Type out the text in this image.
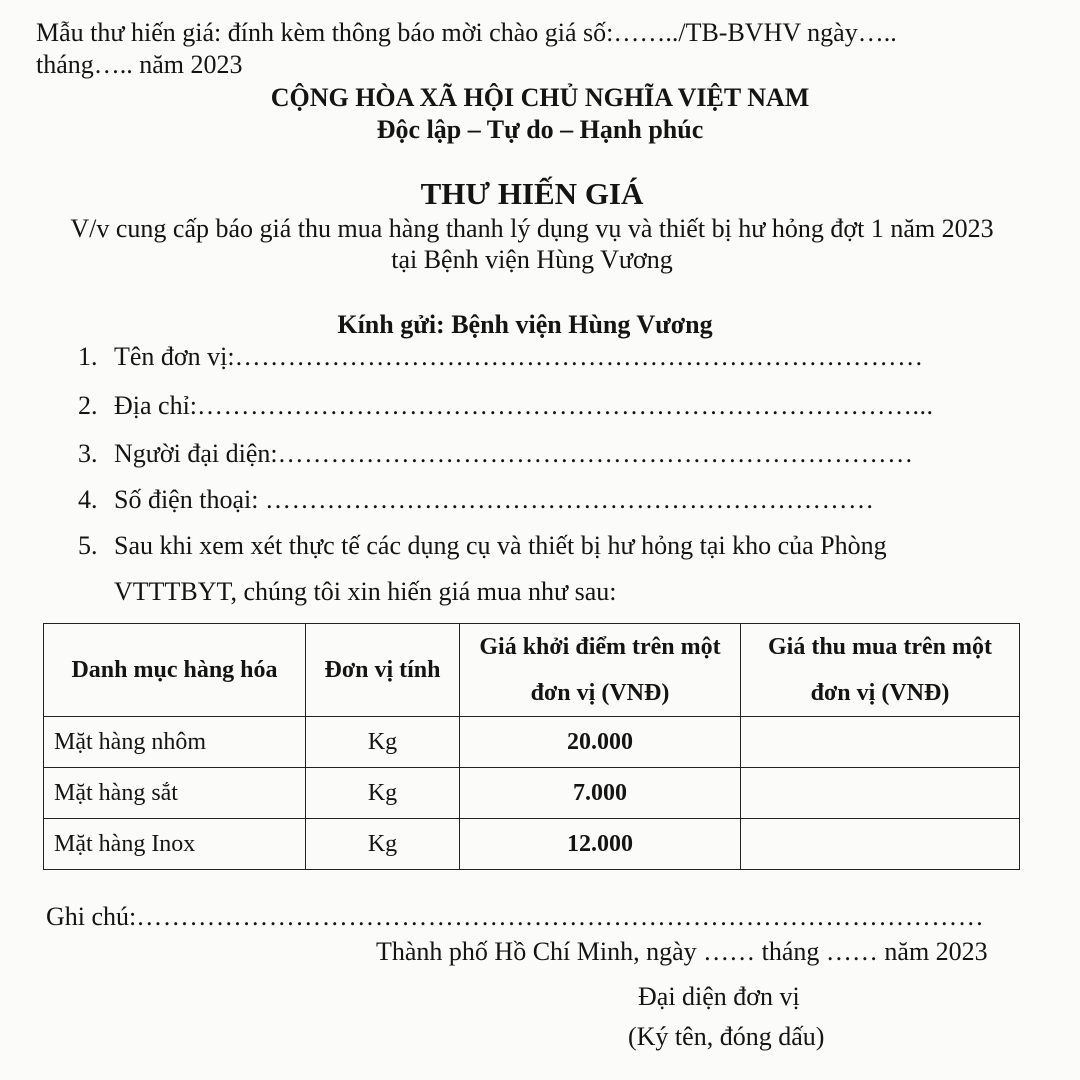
Mẫu thư hiến giá: đính kèm thông báo mời chào giá số:……../TB-BVHV ngày…..
tháng….. năm 2023
CỘNG HÒA XÃ HỘI CHỦ NGHĨA VIỆT NAM
Độc lập – Tự do – Hạnh phúc
THƯ HIẾN GIÁ
V/v cung cấp báo giá thu mua hàng thanh lý dụng vụ và thiết bị hư hỏng đợt 1 năm 2023
tại Bệnh viện Hùng Vương
Kính gửi: Bệnh viện Hùng Vương
1. Tên đơn vị:……………………………………………………………………
2. Địa chỉ:………………………………………………………………………...
3. Người đại diện:………………………………………………………………
4. Số điện thoại: ……………………………………………………………
5. Sau khi xem xét thực tế các dụng cụ và thiết bị hư hỏng tại kho của Phòng
VTTTBYT, chúng tôi xin hiến giá mua như sau:
Danh mục hàng hóa	Đơn vị tính	Giá khởi điểm trên một đơn vị (VNĐ)	Giá thu mua trên một đơn vị (VNĐ)
Mặt hàng nhôm	Kg	20.000	
Mặt hàng sắt	Kg	7.000	
Mặt hàng Inox	Kg	12.000	
Ghi chú:……………………………………………………………………………………
Thành phố Hồ Chí Minh, ngày …… tháng …… năm 2023
Đại diện đơn vị
(Ký tên, đóng dấu)
